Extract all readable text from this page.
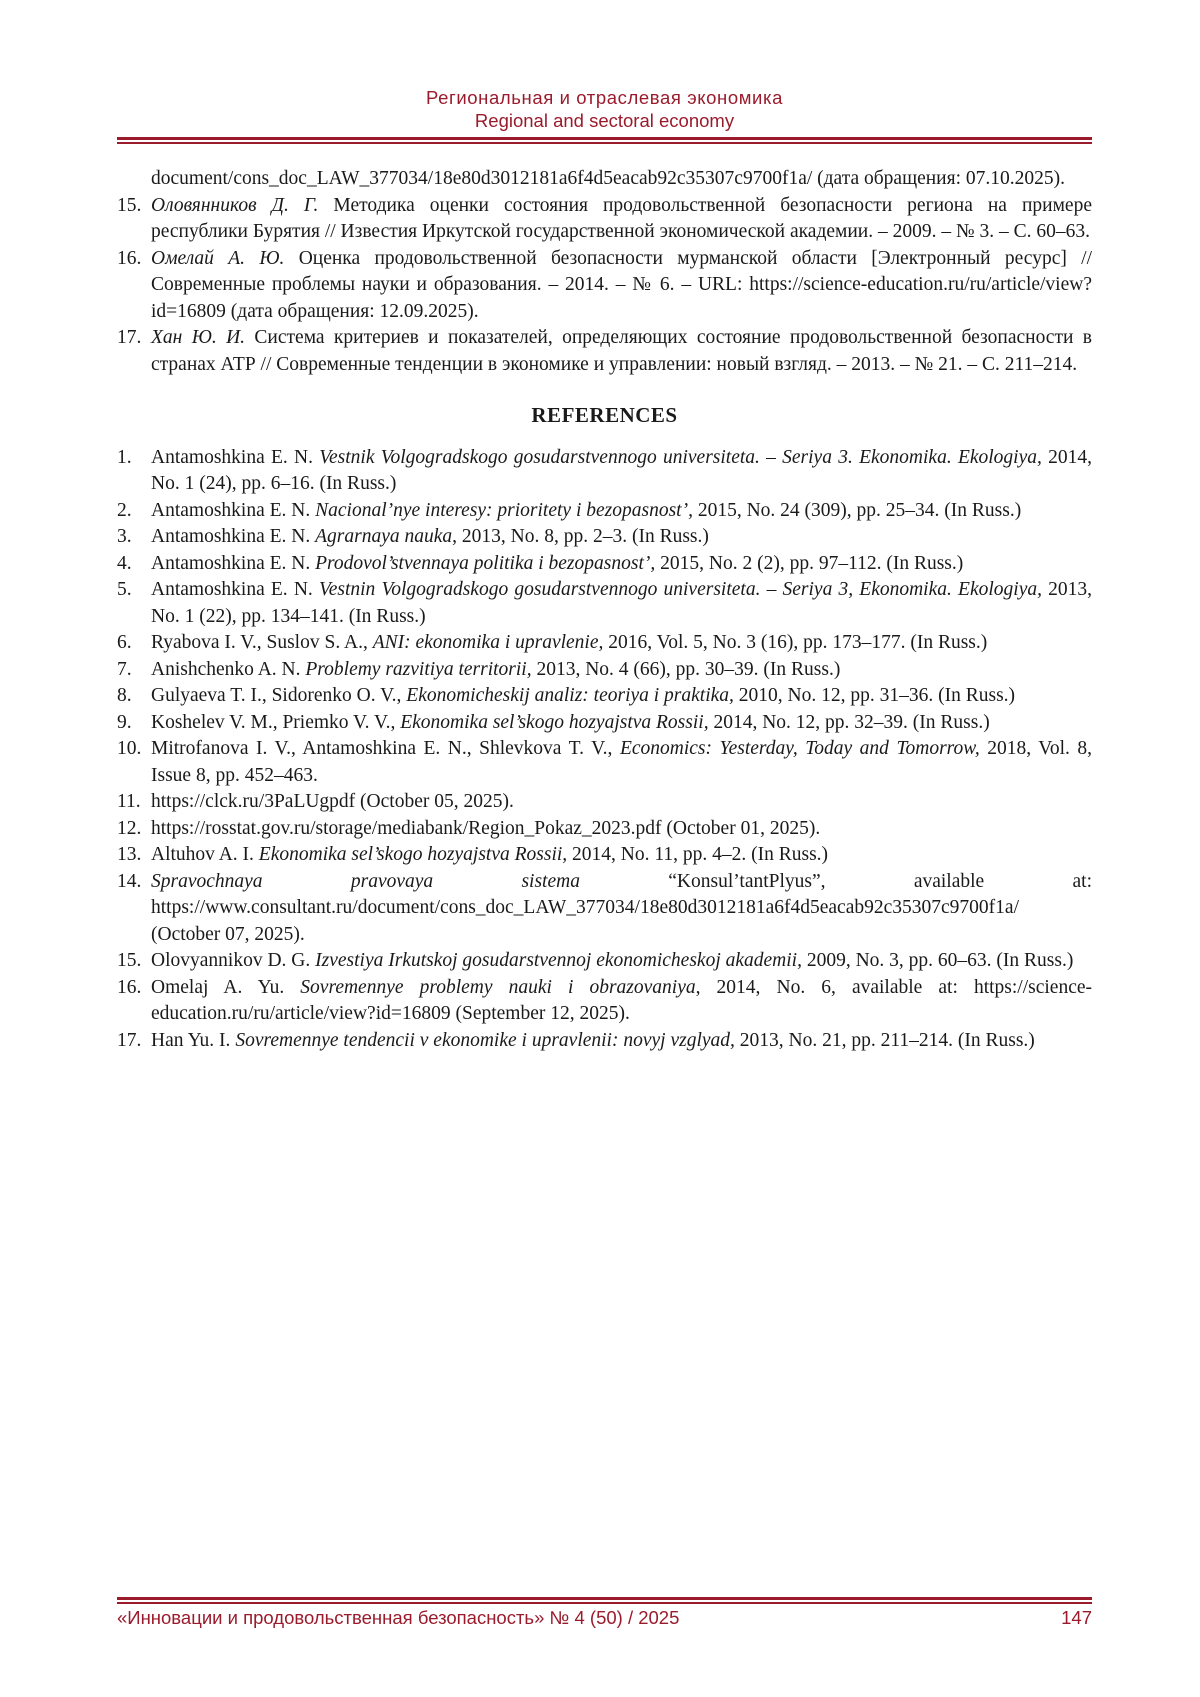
Региональная и отраслевая экономика
Regional and sectoral economy
document/cons_doc_LAW_377034/18e80d3012181a6f4d5eacab92c35307c9700f1a/ (дата обращения: 07.10.2025).
15. Оловянников Д. Г. Методика оценки состояния продовольственной безопасности региона на примере республики Бурятия // Известия Иркутской государственной экономической академии. – 2009. – № 3. – С. 60–63.
16. Омелай А. Ю. Оценка продовольственной безопасности мурманской области [Электронный ресурс] // Современные проблемы науки и образования. – 2014. – № 6. – URL: https://science-education.ru/ru/article/view?id=16809 (дата обращения: 12.09.2025).
17. Хан Ю. И. Система критериев и показателей, определяющих состояние продовольственной безопасности в странах АТР // Современные тенденции в экономике и управлении: новый взгляд. – 2013. – № 21. – С. 211–214.
REFERENCES
1. Antamoshkina E. N. Vestnik Volgogradskogo gosudarstvennogo universiteta. – Seriya 3. Ekonomika. Ekologiya, 2014, No. 1 (24), pp. 6–16. (In Russ.)
2. Antamoshkina E. N. Nacional’nye interesy: prioritety i bezopasnost’, 2015, No. 24 (309), pp. 25–34. (In Russ.)
3. Antamoshkina E. N. Agrarnaya nauka, 2013, No. 8, pp. 2–3. (In Russ.)
4. Antamoshkina E. N. Prodovol’stvennaya politika i bezopasnost’, 2015, No. 2 (2), pp. 97–112. (In Russ.)
5. Antamoshkina E. N. Vestnin Volgogradskogo gosudarstvennogo universiteta. – Seriya 3, Ekonomika. Ekologiya, 2013, No. 1 (22), pp. 134–141. (In Russ.)
6. Ryabova I. V., Suslov S. A., ANI: ekonomika i upravlenie, 2016, Vol. 5, No. 3 (16), pp. 173–177. (In Russ.)
7. Anishchenko A. N. Problemy razvitiya territorii, 2013, No. 4 (66), pp. 30–39. (In Russ.)
8. Gulyaeva T. I., Sidorenko O. V., Ekonomicheskij analiz: teoriya i praktika, 2010, No. 12, pp. 31–36. (In Russ.)
9. Koshelev V. M., Priemko V. V., Ekonomika sel’skogo hozyajstva Rossii, 2014, No. 12, pp. 32–39. (In Russ.)
10. Mitrofanova I. V., Antamoshkina E. N., Shlevkova T. V., Economics: Yesterday, Today and Tomorrow, 2018, Vol. 8, Issue 8, pp. 452–463.
11. https://clck.ru/3PaLUgpdf (October 05, 2025).
12. https://rosstat.gov.ru/storage/mediabank/Region_Pokaz_2023.pdf (October 01, 2025).
13. Altuhov A. I. Ekonomika sel’skogo hozyajstva Rossii, 2014, No. 11, pp. 4–2. (In Russ.)
14. Spravochnaya pravovaya sistema “Konsul’tantPlyus”, available at: https://www.consultant.ru/document/cons_doc_LAW_377034/18e80d3012181a6f4d5eacab92c35307c9700f1a/ (October 07, 2025).
15. Olovyannikov D. G. Izvestiya Irkutskoj gosudarstvennoj ekonomicheskoj akademii, 2009, No. 3, pp. 60–63. (In Russ.)
16. Omelaj A. Yu. Sovremennye problemy nauki i obrazovaniya, 2014, No. 6, available at: https://science-education.ru/ru/article/view?id=16809 (September 12, 2025).
17. Han Yu. I. Sovremennye tendencii v ekonomike i upravlenii: novyj vzglyad, 2013, No. 21, pp. 211–214. (In Russ.)
«Инновации и продовольственная безопасность» № 4 (50) / 2025	147
